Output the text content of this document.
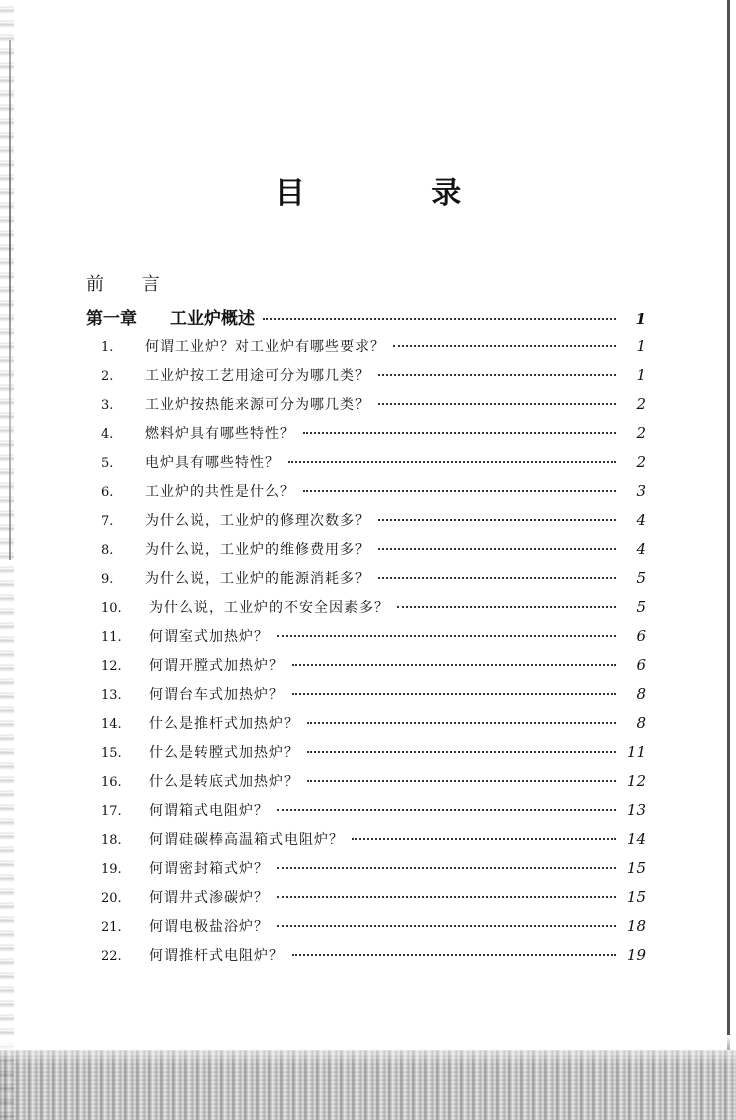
目 录
前 言
第一章	工业炉概述	1
1.	何谓工业炉？对工业炉有哪些要求？	1
2.	工业炉按工艺用途可分为哪几类？	1
3.	工业炉按热能来源可分为哪几类？	2
4.	燃料炉具有哪些特性？	2
5.	电炉具有哪些特性？	2
6.	工业炉的共性是什么？	3
7.	为什么说，工业炉的修理次数多？	4
8.	为什么说，工业炉的维修费用多？	4
9.	为什么说，工业炉的能源消耗多？	5
10.	为什么说，工业炉的不安全因素多？	5
11.	何谓室式加热炉？	6
12.	何谓开膛式加热炉？	6
13.	何谓台车式加热炉？	8
14.	什么是推杆式加热炉？	8
15.	什么是转膛式加热炉？	11
16.	什么是转底式加热炉？	12
17.	何谓箱式电阻炉？	13
18.	何谓硅碳棒高温箱式电阻炉？	14
19.	何谓密封箱式炉？	15
20.	何谓井式渗碳炉？	15
21.	何谓电极盐浴炉？	18
22.	何谓推杆式电阻炉？	19
